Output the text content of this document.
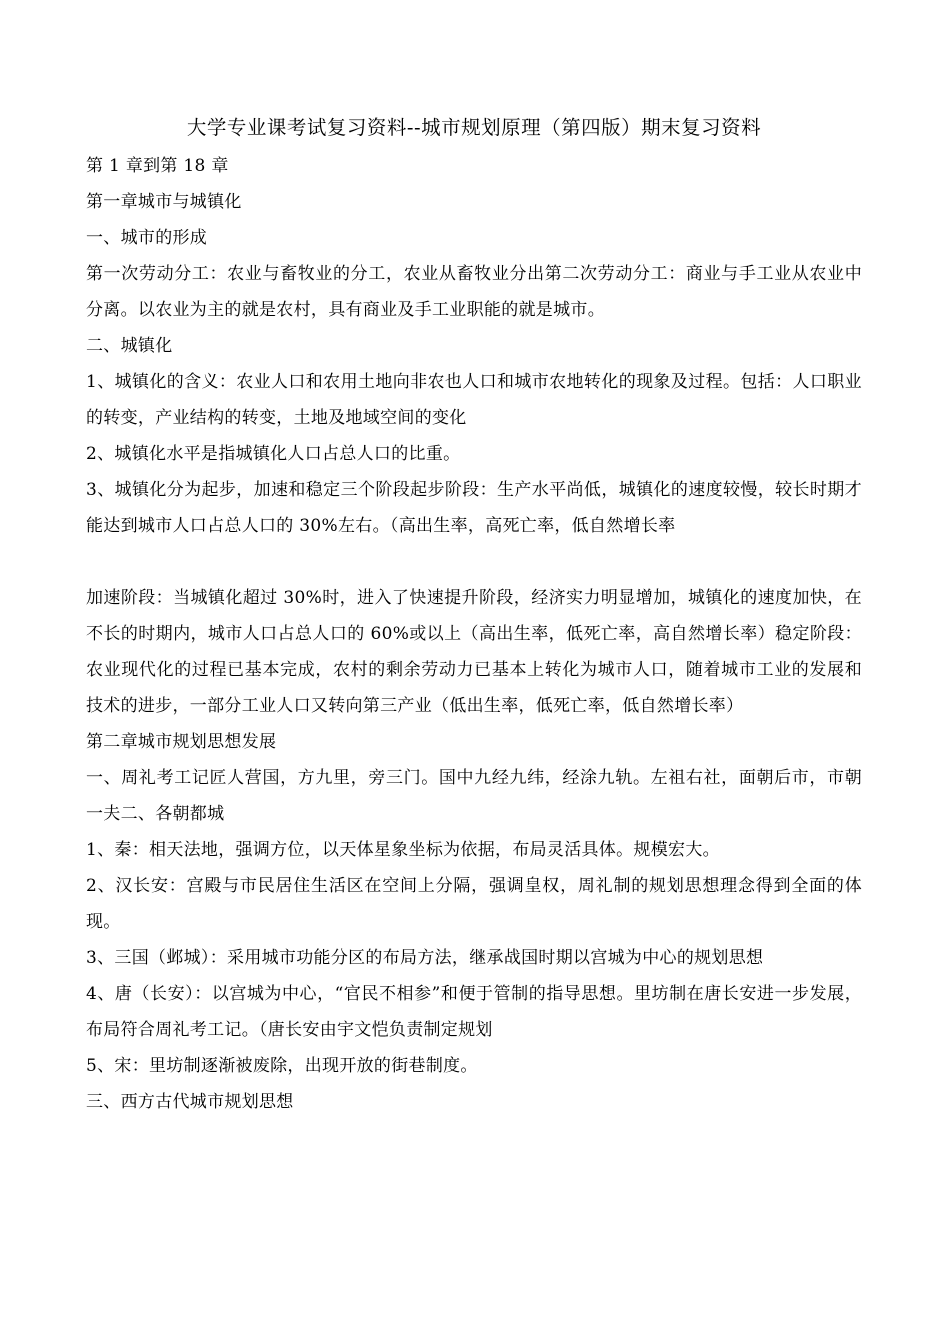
大学专业课考试复习资料--城市规划原理（第四版）期末复习资料

第 1 章到第 18 章

第一章城市与城镇化

一、城市的形成

第一次劳动分工：农业与畜牧业的分工，农业从畜牧业分出第二次劳动分工：商业与手工业从农业中分离。以农业为主的就是农村，具有商业及手工业职能的就是城市。

二、城镇化

1、城镇化的含义：农业人口和农用土地向非农也人口和城市农地转化的现象及过程。包括：人口职业的转变，产业结构的转变，土地及地域空间的变化

2、城镇化水平是指城镇化人口占总人口的比重。

3、城镇化分为起步，加速和稳定三个阶段起步阶段：生产水平尚低，城镇化的速度较慢，较长时期才能达到城市人口占总人口的 30%左右。（高出生率，高死亡率，低自然增长率

加速阶段：当城镇化超过 30%时，进入了快速提升阶段，经济实力明显增加，城镇化的速度加快，在不长的时期内，城市人口占总人口的 60%或以上（高出生率，低死亡率，高自然增长率）稳定阶段：农业现代化的过程已基本完成，农村的剩余劳动力已基本上转化为城市人口，随着城市工业的发展和技术的进步，一部分工业人口又转向第三产业（低出生率，低死亡率，低自然增长率）

第二章城市规划思想发展

一、周礼考工记匠人营国，方九里，旁三门。国中九经九纬，经涂九轨。左祖右社，面朝后市，市朝一夫二、各朝都城

1、秦：相天法地，强调方位，以天体星象坐标为依据，布局灵活具体。规模宏大。

2、汉长安：宫殿与市民居住生活区在空间上分隔，强调皇权，周礼制的规划思想理念得到全面的体现。

3、三国（邺城）：采用城市功能分区的布局方法，继承战国时期以宫城为中心的规划思想

4、唐（长安）：以宫城为中心，“官民不相参”和便于管制的指导思想。里坊制在唐长安进一步发展，布局符合周礼考工记。（唐长安由宇文恺负责制定规划

5、宋：里坊制逐渐被废除，出现开放的街巷制度。

三、西方古代城市规划思想
